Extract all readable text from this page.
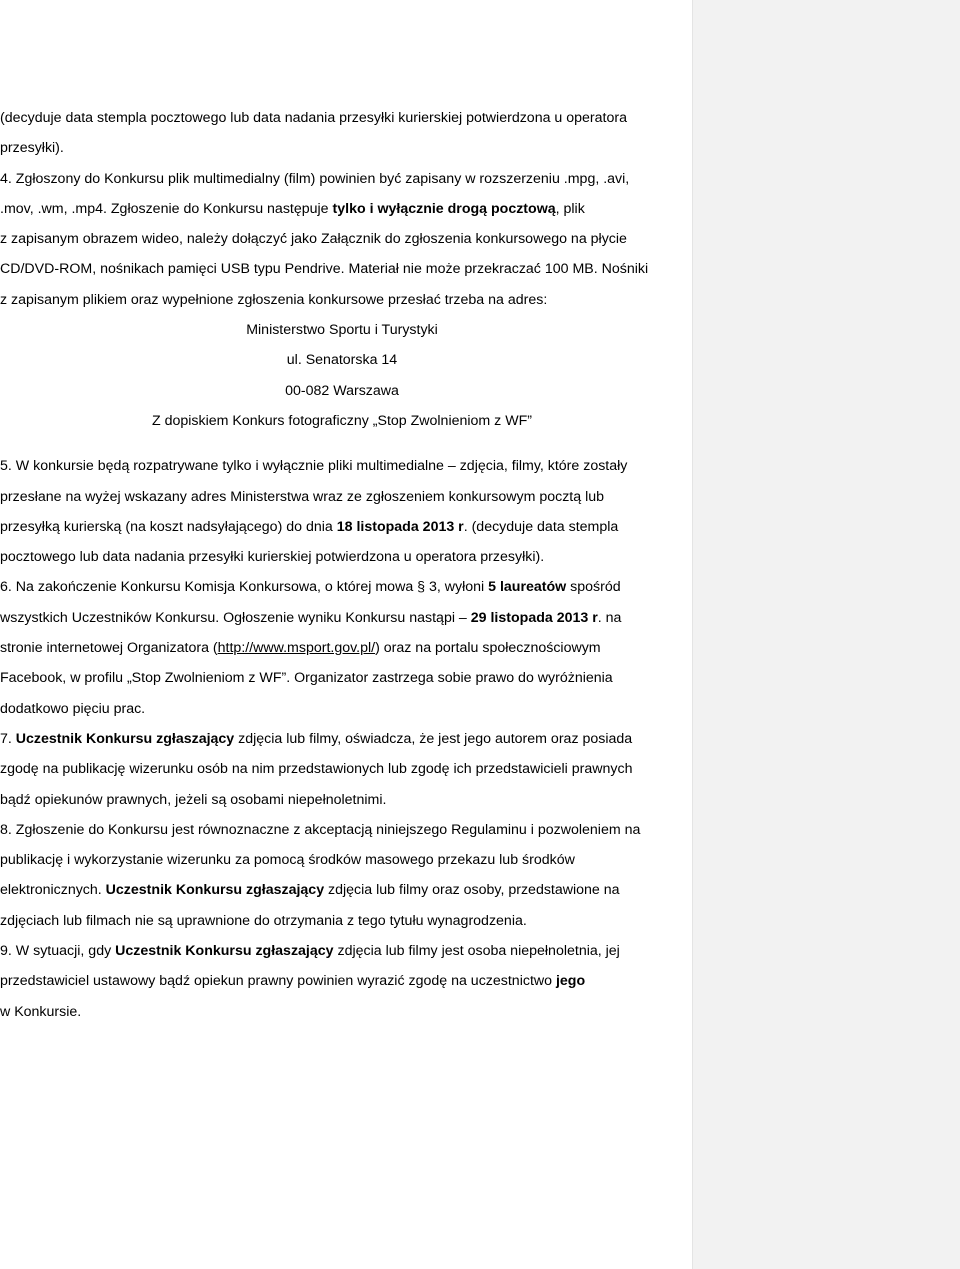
(decyduje data stempla pocztowego lub data nadania przesyłki kurierskiej potwierdzona u operatora

przesyłki).

4. Zgłoszony do Konkursu plik multimedialny (film) powinien być́ zapisany w rozszerzeniu .mpg, .avi,

.mov, .wm, .mp4. Zgłoszenie do Konkursu następuje tylko i wyłącznie drogą pocztową, plik

z zapisanym obrazem wideo, należy dołączyć́ jako Załącznik do zgłoszenia konkursowego na płycie

CD/DVD-ROM, nośnikach pamięci USB typu Pendrive. Materiał nie może przekraczać́ 100 MB. Nośniki

z zapisanym plikiem oraz wypełnione zgłoszenia konkursowe przesłać trzeba na adres:

Ministerstwo Sportu i Turystyki
ul. Senatorska 14
00-082 Warszawa
Z dopiskiem Konkurs fotograficzny „Stop Zwolnieniom z WF”

5. W konkursie będą rozpatrywane tylko i wyłącznie pliki multimedialne – zdjęcia, filmy, które zostały

przesłane na wyżej wskazany adres Ministerstwa wraz ze zgłoszeniem konkursowym pocztą lub

przesyłką kurierską (na koszt nadsyłającego) do dnia 18 listopada 2013 r. (decyduje data stempla

pocztowego lub data nadania przesyłki kurierskiej potwierdzona u operatora przesyłki).

6. Na zakończenie Konkursu Komisja Konkursowa, o której mowa § 3, wyłoni 5 laureatów spośród

wszystkich Uczestników Konkursu. Ogłoszenie wyniku Konkursu nastąpi – 29 listopada 2013 r. na

stronie internetowej Organizatora (http://www.msport.gov.pl/) oraz na portalu społecznościowym

Facebook, w profilu „Stop Zwolnieniom z WF”. Organizator zastrzega sobie prawo do wyróżnienia

dodatkowo pięciu prac.

7. Uczestnik Konkursu zgłaszający zdjęcia lub filmy, oświadcza, że jest jego autorem oraz posiada

zgodę na publikację wizerunku osób na nim przedstawionych lub zgodę ich przedstawicieli prawnych

bądź opiekunów prawnych, jeżeli są osobami niepełnoletnimi.

8. Zgłoszenie do Konkursu jest równoznaczne z akceptacją niniejszego Regulaminu i pozwoleniem na

publikację i wykorzystanie wizerunku za pomocą środków masowego przekazu lub środków

elektronicznych. Uczestnik Konkursu zgłaszający zdjęcia lub filmy oraz osoby, przedstawione na

zdjęciach lub filmach nie są uprawnione do otrzymania z tego tytułu wynagrodzenia.

9. W sytuacji, gdy Uczestnik Konkursu zgłaszający zdjęcia lub filmy jest osoba niepełnoletnia, jej

przedstawiciel ustawowy bądź opiekun prawny powinien wyrazić zgodę na uczestnictwo jego

w Konkursie.
